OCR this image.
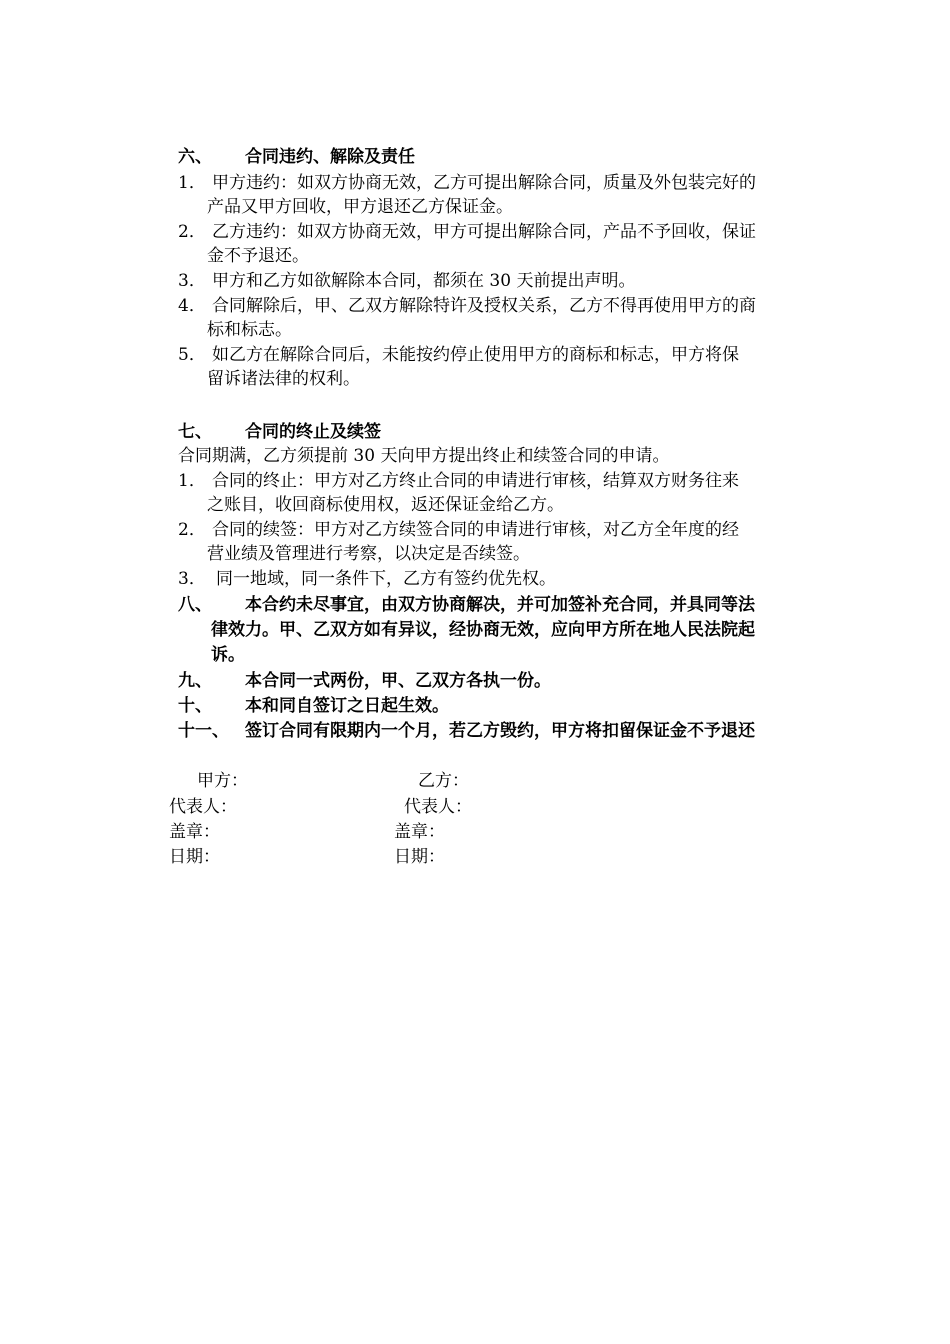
六、 合同违约、解除及责任
1． 甲方违约：如双方协商无效，乙方可提出解除合同，质量及外包装完好的
产品又甲方回收，甲方退还乙方保证金。
2． 乙方违约：如双方协商无效，甲方可提出解除合同，产品不予回收，保证
金不予退还。
3． 甲方和乙方如欲解除本合同，都须在 30 天前提出声明。
4． 合同解除后，甲、乙双方解除特许及授权关系，乙方不得再使用甲方的商
标和标志。
5． 如乙方在解除合同后，未能按约停止使用甲方的商标和标志，甲方将保
留诉诸法律的权利。
七、 合同的终止及续签
合同期满，乙方须提前 30 天向甲方提出终止和续签合同的申请。
1． 合同的终止：甲方对乙方终止合同的申请进行审核，结算双方财务往来
之账目，收回商标使用权，返还保证金给乙方。
2． 合同的续签：甲方对乙方续签合同的申请进行审核，对乙方全年度的经
营业绩及管理进行考察，以决定是否续签。
3． 同一地域，同一条件下，乙方有签约优先权。
八、 本合约未尽事宜，由双方协商解决，并可加签补充合同，并具同等法
律效力。甲、乙双方如有异议，经协商无效，应向甲方所在地人民法院起
诉。
九、 本合同一式两份，甲、乙双方各执一份。
十、 本和同自签订之日起生效。
十一、 签订合同有限期内一个月，若乙方毁约，甲方将扣留保证金不予退还
甲方：	乙方：
代表人：	代表人：
盖章：	盖章：
日期：	日期：
